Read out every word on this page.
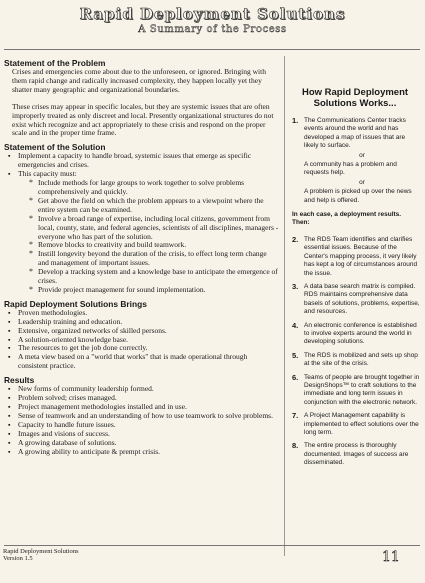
Rapid Deployment Solutions
A Summary of the Process
Statement of the Problem

Crises and emergencies come about due to the unforeseen, or ignored. Bringing with them rapid change and radically increased complexity, they happen locally yet they shatter many geographic and organizational boundaries.

These crises may appear in specific locales, but they are systemic issues that are often improperly treated as only discreet and local. Presently organizational structures do not exist which recognize and act appropriately to these crisis and respond on the proper scale and in the proper time frame.

Statement of the Solution
▪ Implement a capacity to handle broad, systemic issues that emerge as specific emergencies and crises.
▪ This capacity must:
* Include methods for large groups to work together to solve problems comprehensively and quickly.
* Get above the field on which the problem appears to a viewpoint where the entire system can be examined.
* Involve a broad range of expertise, including local citizens, government from local, county, state, and federal agencies, scientists of all disciplines, managers - everyone who has part of the solution.
* Remove blocks to creativity and build teamwork.
* Instill longevity beyond the duration of the crisis, to effect long term change and management of important issues.
* Develop a tracking system and a knowledge base to anticipate the emergence of crises.
* Provide project management for sound implementation.
Rapid Deployment Solutions Brings
▪ Proven methodologies.
▪ Leadership training and education.
▪ Extensive, organized networks of skilled persons.
▪ A solution-oriented knowledge base.
▪ The resources to get the job done correctly.
▪ A meta view based on a "world that works" that is made operational through consistent practice.
Results
▪ New forms of community leadership formed.
▪ Problem solved; crises managed.
▪ Project management methodologies installed and in use.
▪ Sense of teamwork and an understanding of how to use teamwork to solve problems.
▪ Capacity to handle future issues.
▪ Images and visions of success.
▪ A growing database of solutions.
▪ A growing ability to anticipate & prempt crisis.
How Rapid Deployment Solutions Works...
1. The Communications Center tracks events around the world and has developed a map of issues that are likely to surface.
or
A community has a problem and requests help.
or
A problem is picked up over the news and help is offered.
In each case, a deployment results. Then:
2. The RDS Team identifies and clarifies essential issues. Because of the Center's mapping process, it very likely has kept a log of circumstances around the issue.
3. A data base search matrix is compiled. RDS maintains comprehensive data basels of solutions, problems, expertise, and resources.
4. An electronic conference is established to involve experts around the world in developing solutions.
5. The RDS is mobilized and sets up shop at the site of the crisis.
6. Teams of people are brought together in DesignShops™ to craft solutions to the immediate and long term issues in conjunction with the electronic network.
7. A Project Management capability is implemented to effect solutions over the long term.
8. The entire process is thoroughly documented. Images of success are disseminated.
Rapid Deployment Solutions
Version 1.5	11
